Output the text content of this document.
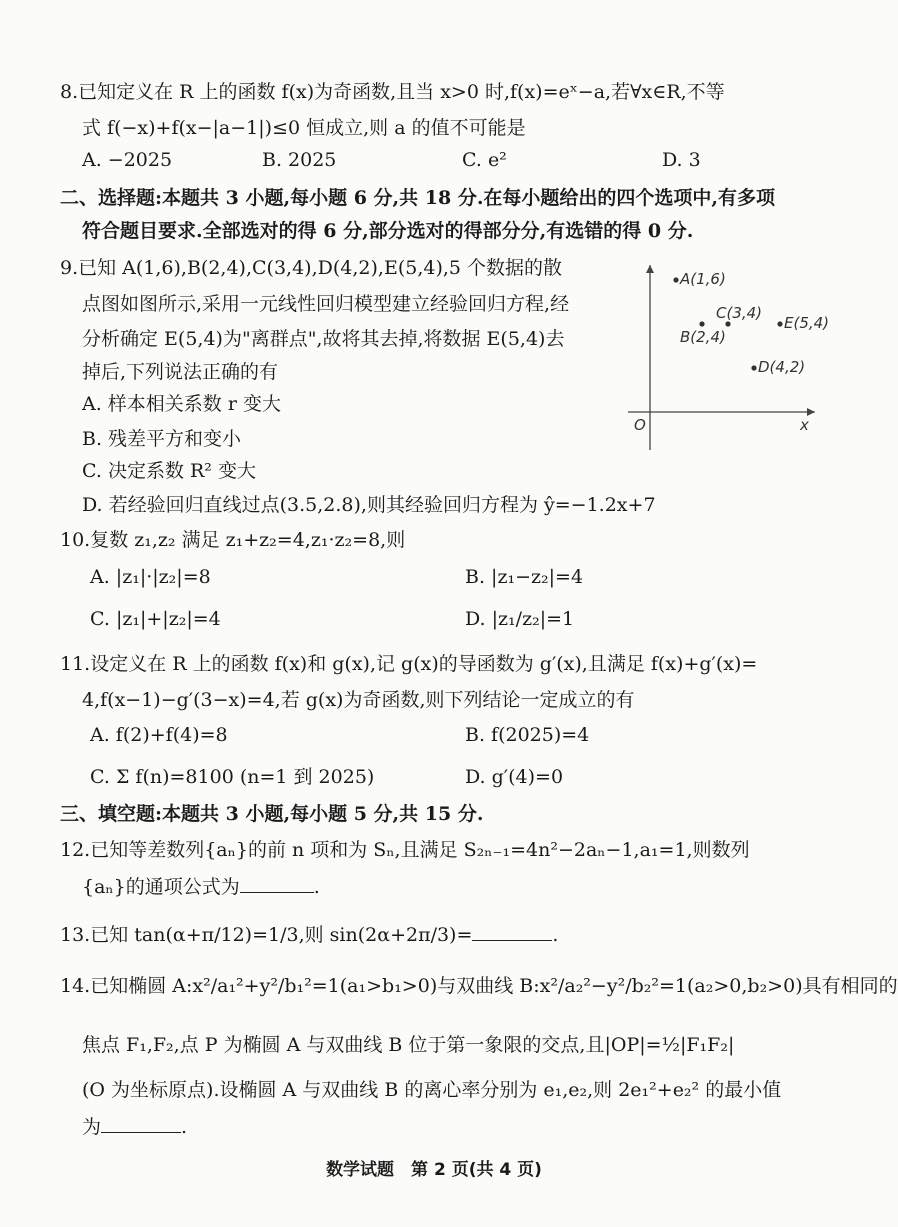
8.已知定义在 R 上的函数 f(x)为奇函数,且当 x>0 时,f(x)=eˣ−a,若∀x∈R,不等
式 f(−x)+f(x−|a−1|)≤0 恒成立,则 a 的值不可能是
A. −2025	B. 2025	C. e²	D. 3
二、选择题:本题共 3 小题,每小题 6 分,共 18 分.在每小题给出的四个选项中,有多项
符合题目要求.全部选对的得 6 分,部分选对的得部分分,有选错的得 0 分.
9.已知 A(1,6),B(2,4),C(3,4),D(4,2),E(5,4),5 个数据的散
点图如图所示,采用一元线性回归模型建立经验回归方程,经
分析确定 E(5,4)为"离群点",故将其去掉,将数据 E(5,4)去
掉后,下列说法正确的有
A. 样本相关系数 r 变大
B. 残差平方和变小
C. 决定系数 R² 变大
D. 若经验回归直线过点(3.5,2.8),则其经验回归方程为 ŷ=−1.2x+7
O	x
A(1,6)
B(2,4)
C(3,4)
D(4,2)
E(5,4)
10.复数 z₁,z₂ 满足 z₁+z₂=4,z₁·z₂=8,则
A. |z₁|·|z₂|=8	B. |z₁−z₂|=4
C. |z₁|+|z₂|=4	D. |z₁/z₂|=1
11.设定义在 R 上的函数 f(x)和 g(x),记 g(x)的导函数为 g′(x),且满足 f(x)+g′(x)=
4,f(x−1)−g′(3−x)=4,若 g(x)为奇函数,则下列结论一定成立的有
A. f(2)+f(4)=8	B. f(2025)=4
C. Σ f(n)=8100 (n=1 到 2025)	D. g′(4)=0
三、填空题:本题共 3 小题,每小题 5 分,共 15 分.
12.已知等差数列{aₙ}的前 n 项和为 Sₙ,且满足 S₂ₙ₋₁=4n²−2aₙ−1,a₁=1,则数列
{aₙ}的通项公式为	.
13.已知 tan(α+π/12)=1/3,则 sin(2α+2π/3)=	.
14.已知椭圆 A:x²/a₁²+y²/b₁²=1(a₁>b₁>0)与双曲线 B:x²/a₂²−y²/b₂²=1(a₂>0,b₂>0)具有相同的
焦点 F₁,F₂,点 P 为椭圆 A 与双曲线 B 位于第一象限的交点,且|OP|=½|F₁F₂|
(O 为坐标原点).设椭圆 A 与双曲线 B 的离心率分别为 e₁,e₂,则 2e₁²+e₂² 的最小值
为	.
数学试题　第 2 页(共 4 页)
